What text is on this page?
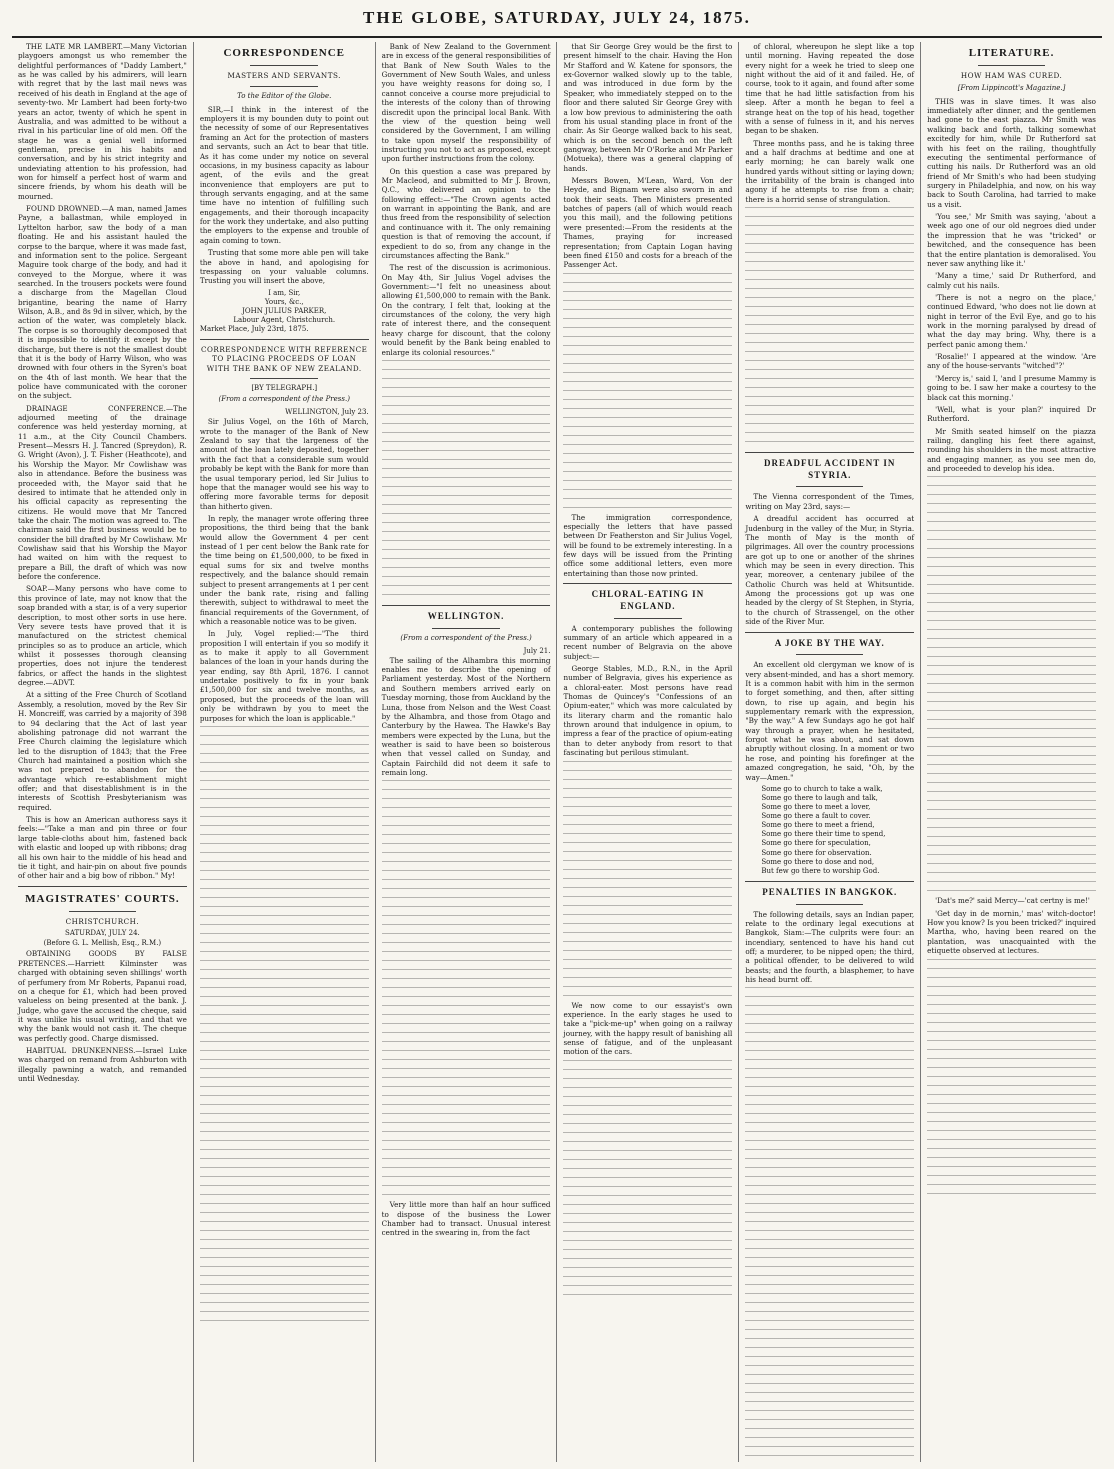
THE GLOBE, SATURDAY, JULY 24, 1875.

THE LATE MR LAMBERT.—Many Victorian playgoers amongst us who remember the delightful performances of "Daddy Lambert," as he was called by his admirers, will learn with regret that by the last mail news was received of his death in England at the age of seventy-two. Mr Lambert had been forty-two years an actor, twenty of which he spent in Australia, and was admitted to be without a rival in his particular line of old men. Off the stage he was a genial well informed gentleman, precise in his habits and conversation, and by his strict integrity and undeviating attention to his profession, had won for himself a perfect host of warm and sincere friends, by whom his death will be mourned.

FOUND DROWNED.—A man, named James Payne, a ballastman, while employed in Lyttelton harbor, saw the body of a man floating. He and his assistant hauled the corpse to the barque, where it was made fast, and information sent to the police. Sergeant Maguire took charge of the body, and had it conveyed to the Morgue, where it was searched. In the trousers pockets were found a discharge from the Magellan Cloud brigantine, bearing the name of Harry Wilson, A.B., and 8s 9d in silver, which, by the action of the water, was completely black. The corpse is so thoroughly decomposed that it is impossible to identify it except by the discharge, but there is not the smallest doubt that it is the body of Harry Wilson, who was drowned with four others in the Syren's boat on the 4th of last month. We hear that the police have communicated with the coroner on the subject.

DRAINAGE CONFERENCE.—The adjourned meeting of the drainage conference was held yesterday morning, at 11 a.m., at the City Council Chambers. Present—Messrs H. J. Tancred (Spreydon), R. G. Wright (Avon), J. T. Fisher (Heathcote), and his Worship the Mayor. Mr Cowlishaw was also in attendance. Before the business was proceeded with, the Mayor said that he desired to intimate that he attended only in his official capacity as representing the citizens. He would move that Mr Tancred take the chair. The motion was agreed to. The chairman said the first business would be to consider the bill drafted by Mr Cowlishaw. Mr Cowlishaw said that his Worship the Mayor had waited on him with the request to prepare a Bill, the draft of which was now before the conference.

SOAP.—Many persons who have come to this province of late, may not know that the soap branded with a star, is of a very superior description, to most other sorts in use here. Very severe tests have proved that it is manufactured on the strictest chemical principles so as to produce an article, which whilst it possesses thorough cleansing properties, does not injure the tenderest fabrics, or affect the hands in the slightest degree.—ADVT.

At a sitting of the Free Church of Scotland Assembly, a resolution, moved by the Rev Sir H. Moncreiff, was carried by a majority of 398 to 94 declaring that the Act of last year abolishing patronage did not warrant the Free Church claiming the legislature which led to the disruption of 1843; that the Free Church had maintained a position which she was not prepared to abandon for the advantage which re-establishment might offer; and that disestablishment is in the interests of Scottish Presbyterianism was required.

This is how an American authoress says it feels:—"Take a man and pin three or four large table-cloths about him, fastened back with elastic and looped up with ribbons; drag all his own hair to the middle of his head and tie it tight, and hair-pin on about five pounds of other hair and a big bow of ribbon." My!

MAGISTRATES' COURTS.
CHRISTCHURCH.
SATURDAY, JULY 24.
(Before G. L. Mellish, Esq., R.M.)

OBTAINING GOODS BY FALSE PRETENCES.—Harriett Kilminster was charged with obtaining seven shillings' worth of perfumery from Mr Roberts, Papanui road, on a cheque for £1, which had been proved valueless on being presented at the bank. J. Judge, who gave the accused the cheque, said it was unlike his usual writing, and that we why the bank would not cash it. The cheque was perfectly good. Charge dismissed.

HABITUAL DRUNKENNESS.—Israel Luke was charged on remand from Ashburton with illegally pawning a watch, and remanded until Wednesday.

CORRESPONDENCE
MASTERS AND SERVANTS.
To the Editor of the Globe.

SIR,—I think in the interest of the employers it is my bounden duty to point out the necessity of some of our Representatives framing an Act for the protection of masters and servants, such an Act to bear that title. As it has come under my notice on several occasions, in my business capacity as labour agent, of the evils and the great inconvenience that employers are put to through servants engaging, and at the same time have no intention of fulfilling such engagements, and their thorough incapacity for the work they undertake, and also putting the employers to the expense and trouble of again coming to town.

Trusting that some more able pen will take the above in hand, and apologising for trespassing on your valuable columns. Trusting you will insert the above,

I am, Sir,
Yours, &c.,
JOHN JULIUS PARKER,
Labour Agent, Christchurch.
Market Place, July 23rd, 1875.
CORRESPONDENCE WITH REFERENCE TO PLACING PROCEEDS OF LOAN WITH THE BANK OF NEW ZEALAND.
[BY TELEGRAPH.]
(From a correspondent of the Press.)
WELLINGTON, July 23.

Sir Julius Vogel, on the 16th of March, wrote to the manager of the Bank of New Zealand to say that the largeness of the amount of the loan lately deposited, together with the fact that a considerable sum would probably be kept with the Bank for more than the usual temporary period, led Sir Julius to hope that the manager would see his way to offering more favorable terms for deposit than hitherto given.

In reply, the manager wrote offering three propositions, the third being that the bank would allow the Government 4 per cent instead of 1 per cent below the Bank rate for the time being on £1,500,000, to be fixed in equal sums for six and twelve months respectively, and the balance should remain subject to present arrangements at 1 per cent under the bank rate, rising and falling therewith, subject to withdrawal to meet the financial requirements of the Government, of which a reasonable notice was to be given.

In July, Vogel replied:—"The third proposition I will entertain if you so modify it as to make it apply to all Government balances of the loan in your hands during the year ending, say 8th April, 1876. I cannot undertake positively to fix in your bank £1,500,000 for six and twelve months, as proposed, but the proceeds of the loan will only be withdrawn by you to meet the purposes for which the loan is applicable."

Bank of New Zealand to the Government are in excess of the general responsibilities of that Bank of New South Wales to the Government of New South Wales, and unless you have weighty reasons for doing so, I cannot conceive a course more prejudicial to the interests of the colony than of throwing discredit upon the principal local Bank. With the view of the question being well considered by the Government, I am willing to take upon myself the responsibility of instructing you not to act as proposed, except upon further instructions from the colony.

On this question a case was prepared by Mr Macleod, and submitted to Mr J. Brown, Q.C., who delivered an opinion to the following effect:—"The Crown agents acted on warrant in appointing the Bank, and are thus freed from the responsibility of selection and continuance with it. The only remaining question is that of removing the account, if expedient to do so, from any change in the circumstances affecting the Bank."

The rest of the discussion is acrimonious. On May 4th, Sir Julius Vogel advises the Government:—"I felt no uneasiness about allowing £1,500,000 to remain with the Bank. On the contrary, I felt that, looking at the circumstances of the colony, the very high rate of interest there, and the consequent heavy charge for discount, that the colony would benefit by the Bank being enabled to enlarge its colonial resources."

WELLINGTON.
(From a correspondent of the Press.)
July 21.

The sailing of the Alhambra this morning enables me to describe the opening of Parliament yesterday. Most of the Northern and Southern members arrived early on Tuesday morning, those from Auckland by the Luna, those from Nelson and the West Coast by the Alhambra, and those from Otago and Canterbury by the Hawea. The Hawke's Bay members were expected by the Luna, but the weather is said to have been so boisterous when that vessel called on Sunday, and Captain Fairchild did not deem it safe to remain long.

Very little more than half an hour sufficed to dispose of the business the Lower Chamber had to transact. Unusual interest centred in the swearing in, from the fact

that Sir George Grey would be the first to present himself to the chair. Having the Hon Mr Stafford and W. Katene for sponsors, the ex-Governor walked slowly up to the table, and was introduced in due form by the Speaker, who immediately stepped on to the floor and there saluted Sir George Grey with a low bow previous to administering the oath from his usual standing place in front of the chair. As Sir George walked back to his seat, which is on the second bench on the left gangway, between Mr O'Rorke and Mr Parker (Motueka), there was a general clapping of hands.

Messrs Bowen, M'Lean, Ward, Von der Heyde, and Bignam were also sworn in and took their seats. Then Ministers presented batches of papers (all of which would reach you this mail), and the following petitions were presented:—From the residents at the Thames, praying for increased representation; from Captain Logan having been fined £150 and costs for a breach of the Passenger Act.

The immigration correspondence, especially the letters that have passed between Dr Featherston and Sir Julius Vogel, will be found to be extremely interesting. In a few days will be issued from the Printing office some additional letters, even more entertaining than those now printed.

CHLORAL-EATING IN ENGLAND.

A contemporary publishes the following summary of an article which appeared in a recent number of Belgravia on the above subject:—

George Stables, M.D., R.N., in the April number of Belgravia, gives his experience as a chloral-eater. Most persons have read Thomas de Quincey's "Confessions of an Opium-eater," which was more calculated by its literary charm and the romantic halo thrown around that indulgence in opium, to impress a fear of the practice of opium-eating than to deter anybody from resort to that fascinating but perilous stimulant.

We now come to our essayist's own experience. In the early stages he used to take a "pick-me-up" when going on a railway journey, with the happy result of banishing all sense of fatigue, and of the unpleasant motion of the cars.

of chloral, whereupon he slept like a top until morning. Having repeated the dose every night for a week he tried to sleep one night without the aid of it and failed. He, of course, took to it again, and found after some time that he had little satisfaction from his sleep. After a month he began to feel a strange heat on the top of his head, together with a sense of fulness in it, and his nerves began to be shaken.

Three months pass, and he is taking three and a half drachms at bedtime and one at early morning; he can barely walk one hundred yards without sitting or laying down; the irritability of the brain is changed into agony if he attempts to rise from a chair; there is a horrid sense of strangulation.

DREADFUL ACCIDENT IN STYRIA.

The Vienna correspondent of the Times, writing on May 23rd, says:—

A dreadful accident has occurred at Judenburg in the valley of the Mur, in Styria. The month of May is the month of pilgrimages. All over the country processions are got up to one or another of the shrines which may be seen in every direction. This year, moreover, a centenary jubilee of the Catholic Church was held at Whitsuntide. Among the processions got up was one headed by the clergy of St Stephen, in Styria, to the church of Strassengel, on the other side of the River Mur.

A JOKE BY THE WAY.

An excellent old clergyman we know of is very absent-minded, and has a short memory. It is a common habit with him in the sermon to forget something, and then, after sitting down, to rise up again, and begin his supplementary remark with the expression, "By the way." A few Sundays ago he got half way through a prayer, when he hesitated, forgot what he was about, and sat down abruptly without closing. In a moment or two he rose, and pointing his forefinger at the amazed congregation, he said, "Oh, by the way—Amen."

Some go to church to take a walk,
Some go there to laugh and talk,
Some go there to meet a lover,
Some go there a fault to cover.
Some go there to meet a friend,
Some go there their time to spend,
Some go there for speculation,
Some go there for observation.
Some go there to dose and nod,
But few go there to worship God.
PENALTIES IN BANGKOK.

The following details, says an Indian paper, relate to the ordinary legal executions at Bangkok, Siam:—The culprits were four: an incendiary, sentenced to have his hand cut off; a murderer, to be nipped open; the third, a political offender, to be delivered to wild beasts; and the fourth, a blasphemer, to have his head burnt off.

LITERATURE.
HOW HAM WAS CURED.
[From Lippincott's Magazine.]

THIS was in slave times. It was also immediately after dinner, and the gentlemen had gone to the east piazza. Mr Smith was walking back and forth, talking somewhat excitedly for him, while Dr Rutherford sat with his feet on the railing, thoughtfully executing the sentimental performance of cutting his nails. Dr Rutherford was an old friend of Mr Smith's who had been studying surgery in Philadelphia, and now, on his way back to South Carolina, had tarried to make us a visit.

'You see,' Mr Smith was saying, 'about a week ago one of our old negroes died under the impression that he was "tricked" or bewitched, and the consequence has been that the entire plantation is demoralised. You never saw anything like it.'

'Many a time,' said Dr Rutherford, and calmly cut his nails.

'There is not a negro on the place,' continued Edward, 'who does not lie down at night in terror of the Evil Eye, and go to his work in the morning paralysed by dread of what the day may bring. Why, there is a perfect panic among them.'

'Rosalie!' I appeared at the window. 'Are any of the house-servants "witched"?'

'Mercy is,' said I, 'and I presume Mammy is going to be. I saw her make a courtesy to the black cat this morning.'

'Well, what is your plan?' inquired Dr Rutherford.

Mr Smith seated himself on the piazza railing, dangling his feet there against, rounding his shoulders in the most attractive and engaging manner, as you see men do, and proceeded to develop his idea.

'Dat's me?' said Mercy—'cat certny is me!'

'Get day in de mornin,' mas' witch-doctor! How you know? Is you been tricked?' inquired Martha, who, having been reared on the plantation, was unacquainted with the etiquette observed at lectures.
